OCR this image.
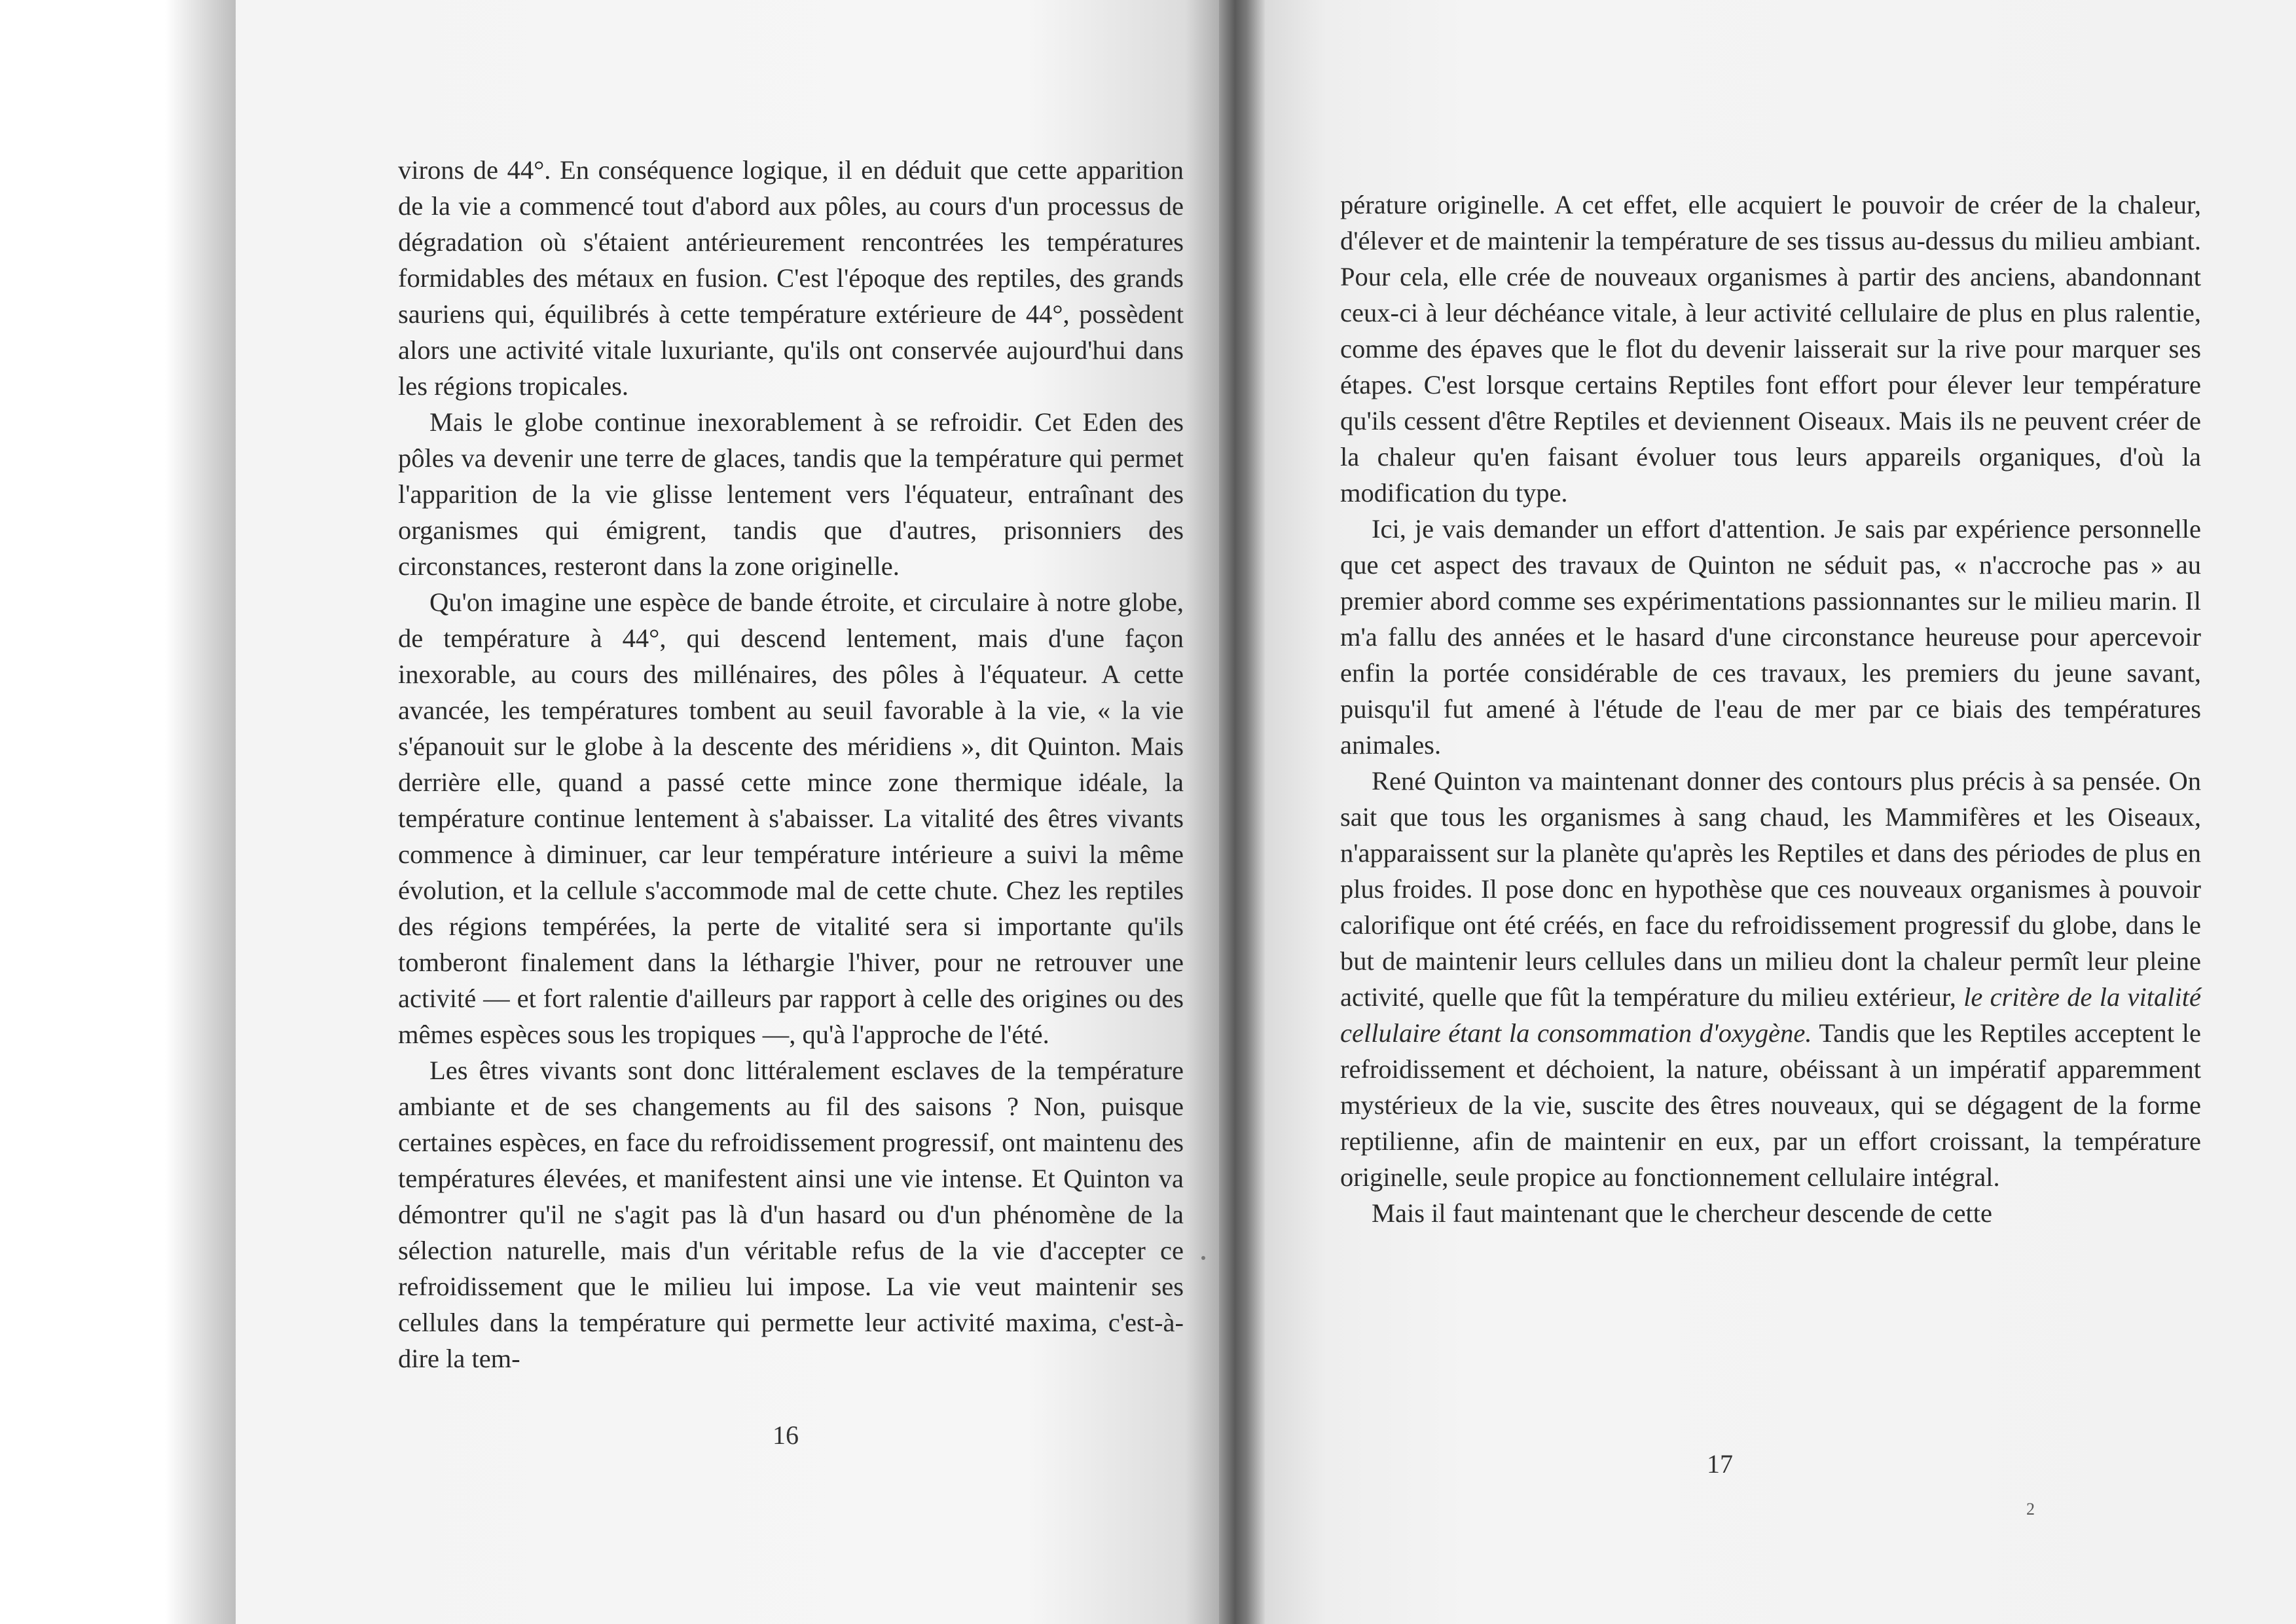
virons de 44°. En conséquence logique, il en déduit que cette apparition de la vie a commencé tout d'abord aux pôles, au cours d'un processus de dégradation où s'étaient antérieurement rencontrées les températures formidables des métaux en fusion. C'est l'époque des reptiles, des grands sauriens qui, équilibrés à cette température extérieure de 44°, possèdent alors une activité vitale luxuriante, qu'ils ont conservée aujourd'hui dans les régions tropicales.

Mais le globe continue inexorablement à se refroidir. Cet Eden des pôles va devenir une terre de glaces, tandis que la température qui permet l'apparition de la vie glisse lentement vers l'équateur, entraînant des organismes qui émigrent, tandis que d'autres, prisonniers des circonstances, resteront dans la zone originelle.

Qu'on imagine une espèce de bande étroite, et circulaire à notre globe, de température à 44°, qui descend lentement, mais d'une façon inexorable, au cours des millénaires, des pôles à l'équateur. A cette avancée, les températures tombent au seuil favorable à la vie, « la vie s'épanouit sur le globe à la descente des méridiens », dit Quinton. Mais derrière elle, quand a passé cette mince zone thermique idéale, la température continue lentement à s'abaisser. La vitalité des êtres vivants commence à diminuer, car leur température intérieure a suivi la même évolution, et la cellule s'accommode mal de cette chute. Chez les reptiles des régions tempérées, la perte de vitalité sera si importante qu'ils tomberont finalement dans la léthargie l'hiver, pour ne retrouver une activité — et fort ralentie d'ailleurs par rapport à celle des origines ou des mêmes espèces sous les tropiques —, qu'à l'approche de l'été.

Les êtres vivants sont donc littéralement esclaves de la température ambiante et de ses changements au fil des saisons ? Non, puisque certaines espèces, en face du refroidissement progressif, ont maintenu des températures élevées, et manifestent ainsi une vie intense. Et Quinton va démontrer qu'il ne s'agit pas là d'un hasard ou d'un phénomène de la sélection naturelle, mais d'un véritable refus de la vie d'accepter ce refroidissement que le milieu lui impose. La vie veut maintenir ses cellules dans la température qui permette leur activité maxima, c'est-à-dire la tem-

16

pérature originelle. A cet effet, elle acquiert le pouvoir de créer de la chaleur, d'élever et de maintenir la température de ses tissus au-dessus du milieu ambiant. Pour cela, elle crée de nouveaux organismes à partir des anciens, abandonnant ceux-ci à leur déchéance vitale, à leur activité cellulaire de plus en plus ralentie, comme des épaves que le flot du devenir laisserait sur la rive pour marquer ses étapes. C'est lorsque certains Reptiles font effort pour élever leur température qu'ils cessent d'être Reptiles et deviennent Oiseaux. Mais ils ne peuvent créer de la chaleur qu'en faisant évoluer tous leurs appareils organiques, d'où la modification du type.

Ici, je vais demander un effort d'attention. Je sais par expérience personnelle que cet aspect des travaux de Quinton ne séduit pas, « n'accroche pas » au premier abord comme ses expérimentations passionnantes sur le milieu marin. Il m'a fallu des années et le hasard d'une circonstance heureuse pour apercevoir enfin la portée considérable de ces travaux, les premiers du jeune savant, puisqu'il fut amené à l'étude de l'eau de mer par ce biais des températures animales.

René Quinton va maintenant donner des contours plus précis à sa pensée. On sait que tous les organismes à sang chaud, les Mammifères et les Oiseaux, n'apparaissent sur la planète qu'après les Reptiles et dans des périodes de plus en plus froides. Il pose donc en hypothèse que ces nouveaux organismes à pouvoir calorifique ont été créés, en face du refroidissement progressif du globe, dans le but de maintenir leurs cellules dans un milieu dont la chaleur permît leur pleine activité, quelle que fût la température du milieu extérieur, le critère de la vitalité cellulaire étant la consommation d'oxygène. Tandis que les Reptiles acceptent le refroidissement et déchoient, la nature, obéissant à un impératif apparemment mystérieux de la vie, suscite des êtres nouveaux, qui se dégagent de la forme reptilienne, afin de maintenir en eux, par un effort croissant, la température originelle, seule propice au fonctionnement cellulaire intégral.

Mais il faut maintenant que le chercheur descende de cette

17
2
